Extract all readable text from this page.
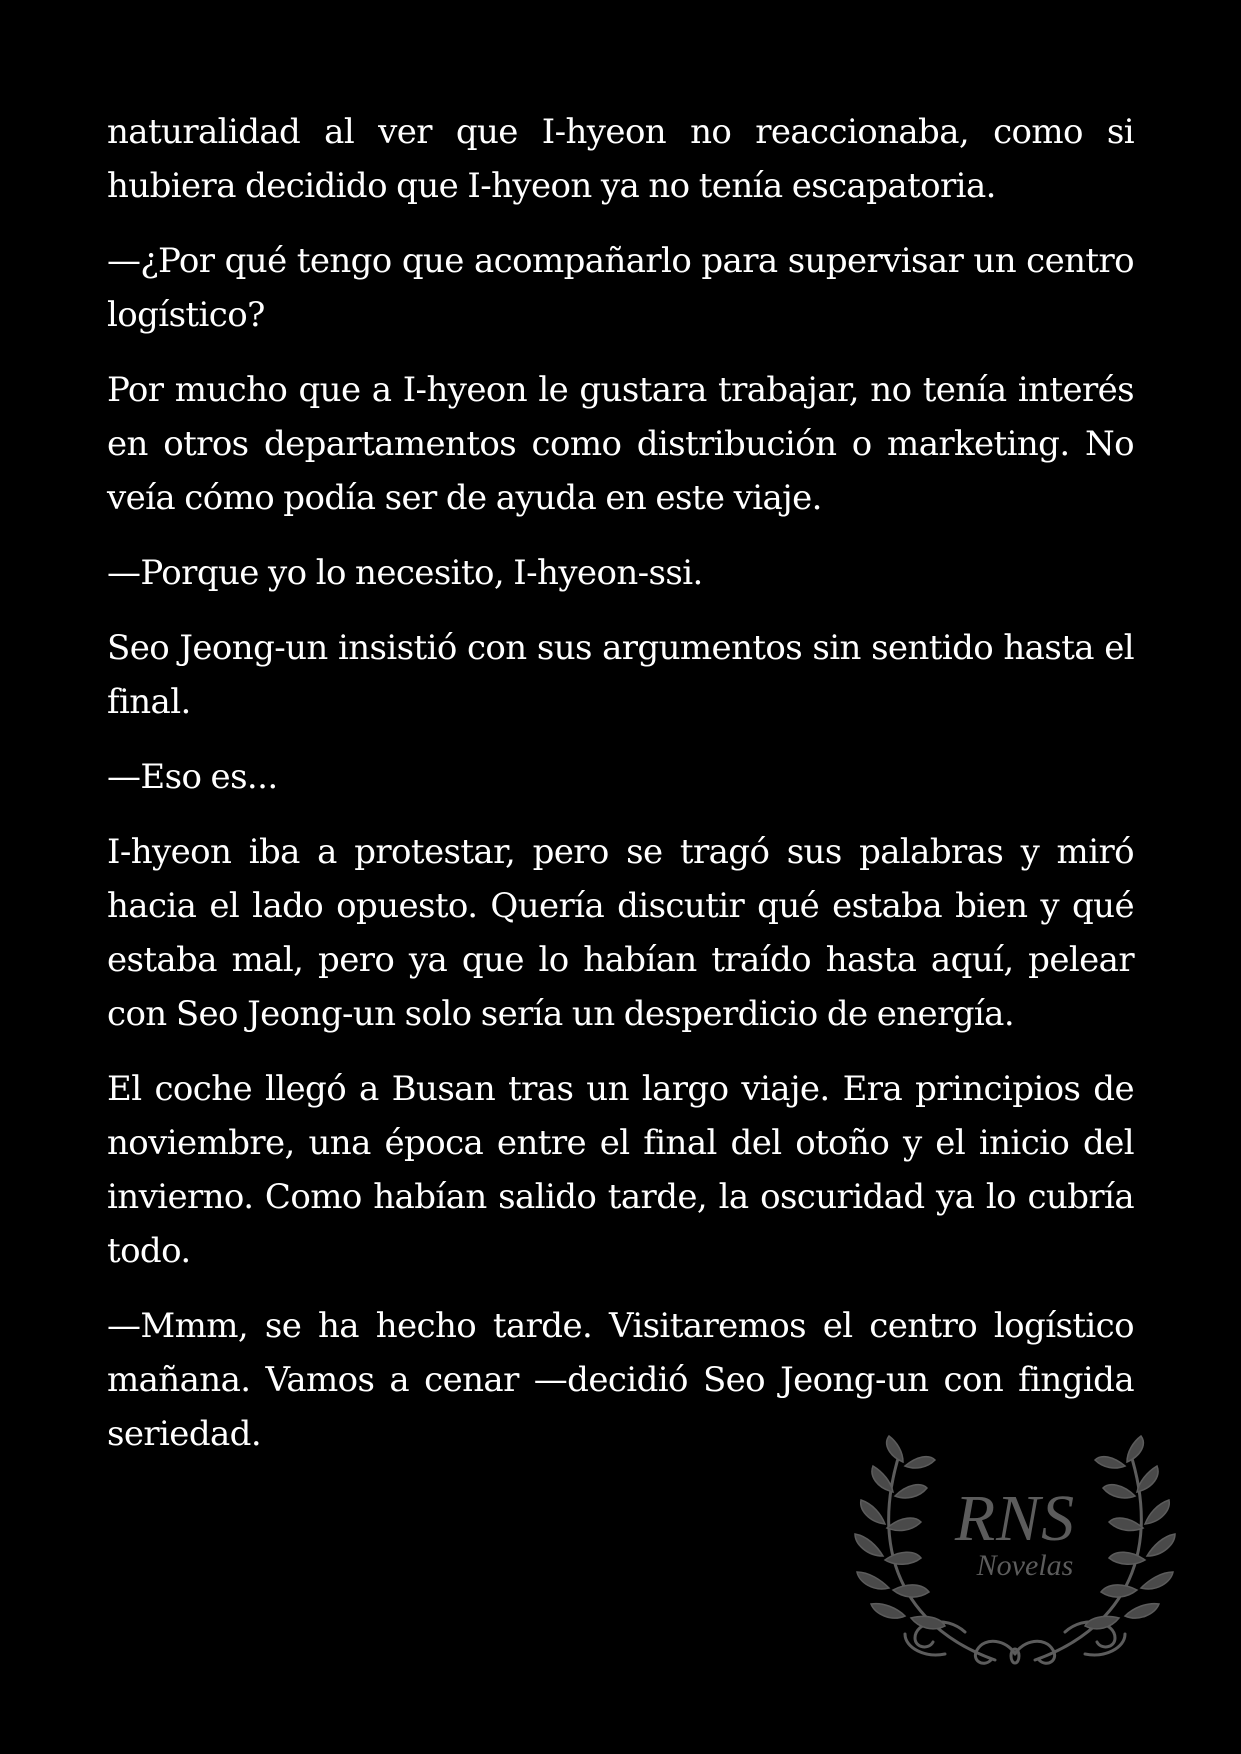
naturalidad al ver que I-hyeon no reaccionaba, como si hubiera decidido que I-hyeon ya no tenía escapatoria.

—¿Por qué tengo que acompañarlo para supervisar un centro logístico?

Por mucho que a I-hyeon le gustara trabajar, no tenía interés en otros departamentos como distribución o marketing. No veía cómo podía ser de ayuda en este viaje.

—Porque yo lo necesito, I-hyeon-ssi.

Seo Jeong-un insistió con sus argumentos sin sentido hasta el final.

—Eso es...

I-hyeon iba a protestar, pero se tragó sus palabras y miró hacia el lado opuesto. Quería discutir qué estaba bien y qué estaba mal, pero ya que lo habían traído hasta aquí, pelear con Seo Jeong-un solo sería un desperdicio de energía.

El coche llegó a Busan tras un largo viaje. Era principios de noviembre, una época entre el final del otoño y el inicio del invierno. Como habían salido tarde, la oscuridad ya lo cubría todo.

—Mmm, se ha hecho tarde. Visitaremos el centro logístico mañana. Vamos a cenar —decidió Seo Jeong-un con fingida seriedad.

RNS
Novelas
